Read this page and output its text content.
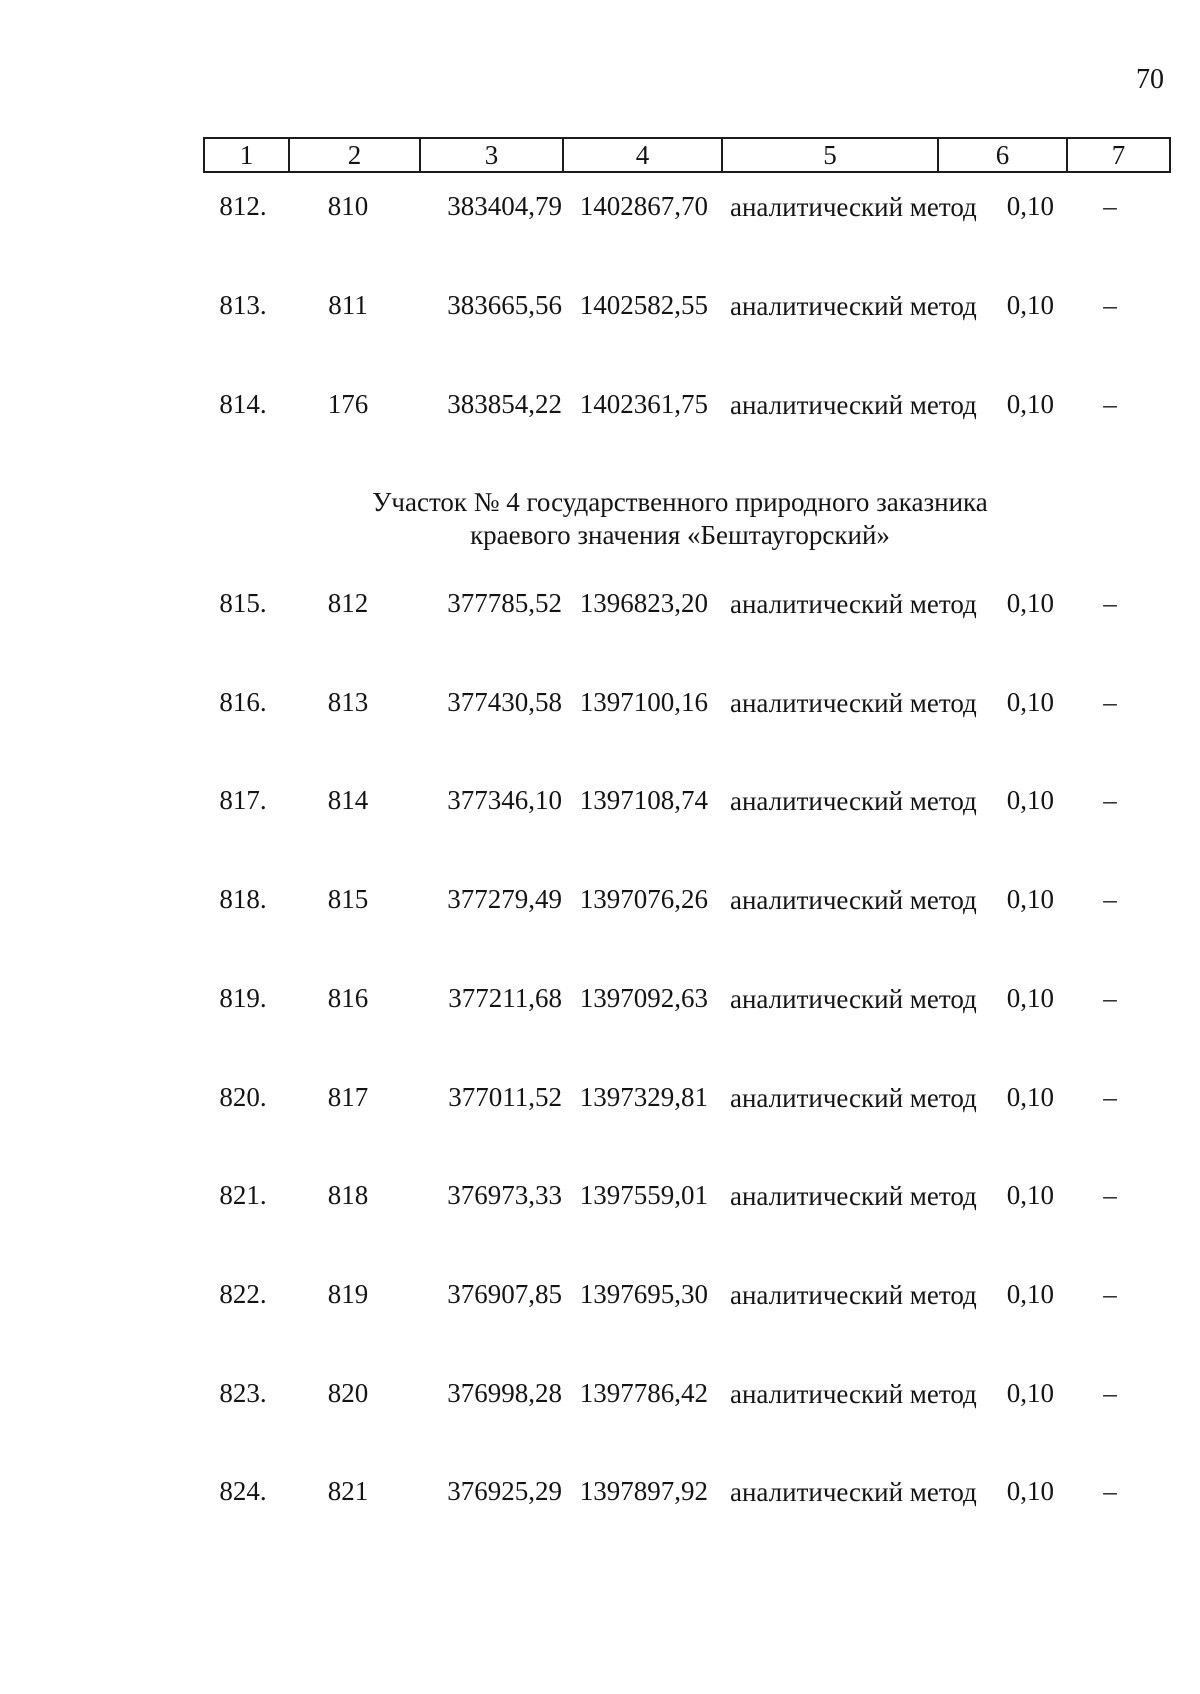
70
1	2	3	4	5	6	7
812.	810	383404,79 1402867,70 аналитический метод	0,10	–
813.	811	383665,56 1402582,55 аналитический метод	0,10	–
814.	176	383854,22 1402361,75 аналитический метод	0,10	–
Участок № 4 государственного природного заказника
краевого значения «Бештаугорский»
815.	812	377785,52 1396823,20 аналитический метод	0,10	–
816.	813	377430,58 1397100,16 аналитический метод	0,10	–
817.	814	377346,10 1397108,74 аналитический метод	0,10	–
818.	815	377279,49 1397076,26 аналитический метод	0,10	–
819.	816	377211,68 1397092,63 аналитический метод	0,10	–
820.	817	377011,52 1397329,81 аналитический метод	0,10	–
821.	818	376973,33 1397559,01 аналитический метод	0,10	–
822.	819	376907,85 1397695,30 аналитический метод	0,10	–
823.	820	376998,28 1397786,42 аналитический метод	0,10	–
824.	821	376925,29 1397897,92 аналитический метод	0,10	–
